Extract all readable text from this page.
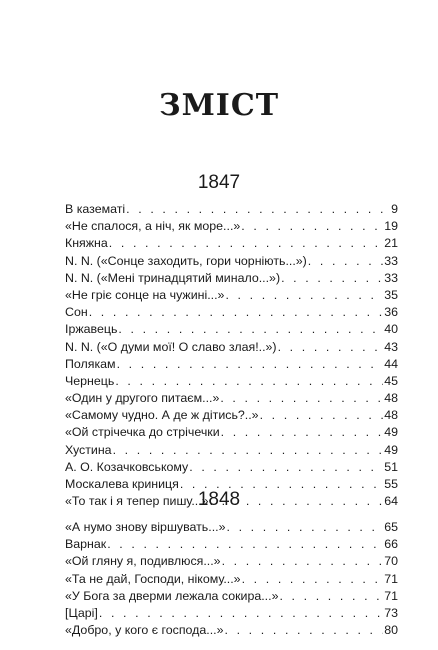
ЗМІСТ
1847
В казематі . . .	9
«Не спалося, а ніч, як море...» . . .	19
Княжна . . .	21
N. N. («Сонце заходить, гори чорніють...») . . .	33
N. N. («Мені тринадцятий минало...») . . .	33
«Не гріє сонце на чужині...» . . .	35
Сон . . .	36
Іржавець . . .	40
N. N. («О думи мої! О славо злая!..») . . .	43
Полякам . . .	44
Чернець . . .	45
«Один у другого питаєм...» . . .	48
«Самому чудно. А де ж дітись?..» . . .	48
«Ой стрічечка до стрічечки . . .	49
Хустина . . .	49
А. О. Козачковському . . .	51
Москалева криниця . . .	55
«То так і я тепер пишу...» . . .	64
1848
«А нумо знову віршувать...» . . .	65
Варнак . . .	66
«Ой гляну я, подивлюся...» . . .	70
«Та не дай, Господи, нікому...» . . .	71
«У Бога за дверми лежала сокира...» . . .	71
[Царі] . . .	73
«Добро, у кого є господа...» . . .	80
